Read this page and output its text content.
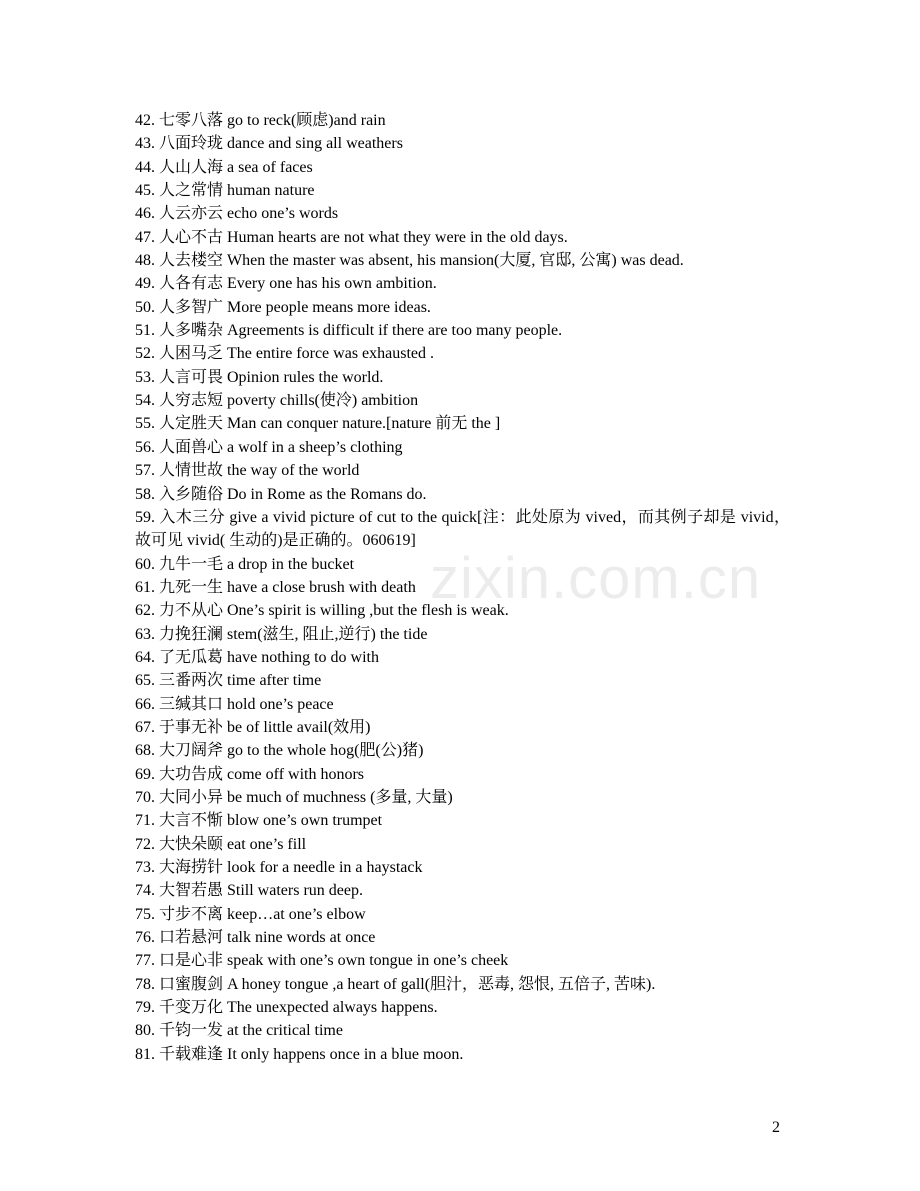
42. 七零八落 go to reck(顾虑)and rain
43. 八面玲珑 dance and sing all weathers
44. 人山人海 a sea of faces
45. 人之常情 human nature
46. 人云亦云 echo one’s words
47. 人心不古 Human hearts are not what they were in the old days.
48. 人去楼空 When the master was absent, his mansion(大厦, 官邸, 公寓) was dead.
49. 人各有志 Every one has his own ambition.
50. 人多智广 More people means more ideas.
51. 人多嘴杂 Agreements is difficult if there are too many people.
52. 人困马乏 The entire force was exhausted .
53. 人言可畏 Opinion rules the world.
54. 人穷志短 poverty chills(使冷) ambition
55. 人定胜天 Man can conquer nature.[nature 前无 the ]
56. 人面兽心 a wolf in a sheep’s clothing
57. 人情世故 the way of the world
58. 入乡随俗 Do in Rome as the Romans do.
59. 入木三分 give a vivid picture of cut to the quick[注：此处原为 vived，而其例子却是 vivid，故可见 vivid( 生动的)是正确的。060619]
60. 九牛一毛 a drop in the bucket
61. 九死一生 have a close brush with death
62. 力不从心 One’s spirit is willing ,but the flesh is weak.
63. 力挽狂澜 stem(滋生, 阻止,逆行) the tide
64. 了无瓜葛 have nothing to do with
65. 三番两次 time after time
66. 三缄其口 hold one’s peace
67. 于事无补 be of little avail(效用)
68. 大刀阔斧 go to the whole hog(肥(公)猪)
69. 大功告成 come off with honors
70. 大同小异 be much of muchness (多量, 大量)
71. 大言不惭 blow one’s own trumpet
72. 大快朵颐 eat one’s fill
73. 大海捞针 look for a needle in a haystack
74. 大智若愚 Still waters run deep.
75. 寸步不离 keep…at one’s elbow
76. 口若悬河 talk nine words at once
77. 口是心非 speak with one’s own tongue in one’s cheek
78. 口蜜腹剑 A honey tongue ,a heart of gall(胆汁，恶毒, 怨恨, 五倍子, 苦味).
79. 千变万化 The unexpected always happens.
80. 千钧一发 at the critical time
81. 千载难逢 It only happens once in a blue moon.
zixin.com.cn
2
